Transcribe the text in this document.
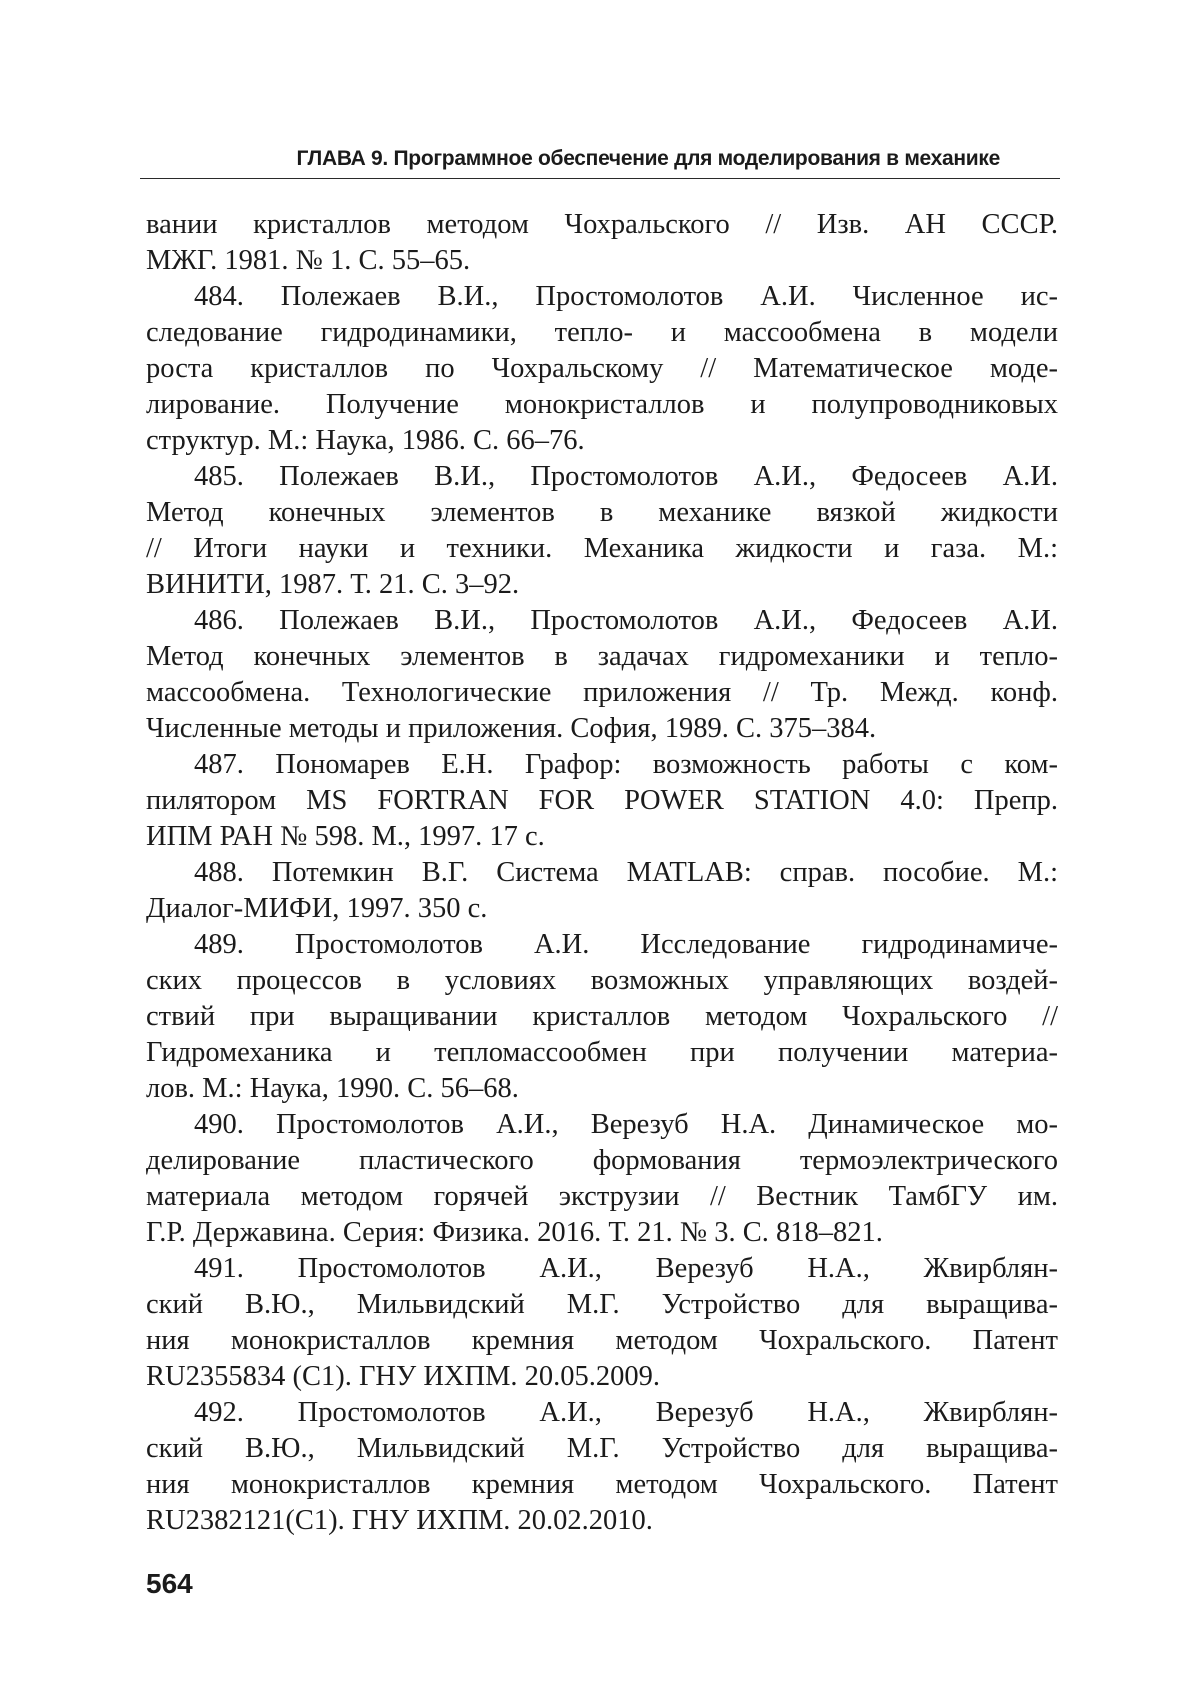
ГЛАВА 9. Программное обеспечение для моделирования в механике
вании кристаллов методом Чохральского // Изв. АН СССР.
МЖГ. 1981. № 1. С. 55–65.
484. Полежаев В.И., Простомолотов А.И. Численное ис-
следование гидродинамики, тепло- и массообмена в модели
роста кристаллов по Чохральскому // Математическое моде-
лирование. Получение монокристаллов и полупроводниковых
структур. М.: Наука, 1986. С. 66–76.
485. Полежаев В.И., Простомолотов А.И., Федосеев А.И.
Метод конечных элементов в механике вязкой жидкости
// Итоги науки и техники. Механика жидкости и газа. М.:
ВИНИТИ, 1987. Т. 21. С. 3–92.
486. Полежаев В.И., Простомолотов А.И., Федосеев А.И.
Метод конечных элементов в задачах гидромеханики и тепло-
массообмена. Технологические приложения // Тр. Межд. конф.
Численные методы и приложения. София, 1989. С. 375–384.
487. Пономарев Е.Н. Графор: возможность работы с ком-
пилятором MS FORTRAN FOR POWER STATION 4.0: Препр.
ИПМ РАН № 598. М., 1997. 17 с.
488. Потемкин В.Г. Система MATLAB: справ. пособие. М.:
Диалог-МИФИ, 1997. 350 с.
489. Простомолотов А.И. Исследование гидродинамиче-
ских процессов в условиях возможных управляющих воздей-
ствий при выращивании кристаллов методом Чохральского //
Гидромеханика и тепломассообмен при получении материа-
лов. М.: Наука, 1990. С. 56–68.
490. Простомолотов А.И., Верезуб Н.А. Динамическое мо-
делирование пластического формования термоэлектрического
материала методом горячей экструзии // Вестник ТамбГУ им.
Г.Р. Державина. Серия: Физика. 2016. Т. 21. № 3. С. 818–821.
491. Простомолотов А.И., Верезуб Н.А., Жвирблян-
ский В.Ю., Мильвидский М.Г. Устройство для выращива-
ния монокристаллов кремния методом Чохральского. Патент
RU2355834 (C1). ГНУ ИХПМ. 20.05.2009.
492. Простомолотов А.И., Верезуб Н.А., Жвирблян-
ский В.Ю., Мильвидский М.Г. Устройство для выращива-
ния монокристаллов кремния методом Чохральского. Патент
RU2382121(C1). ГНУ ИХПМ. 20.02.2010.
564
